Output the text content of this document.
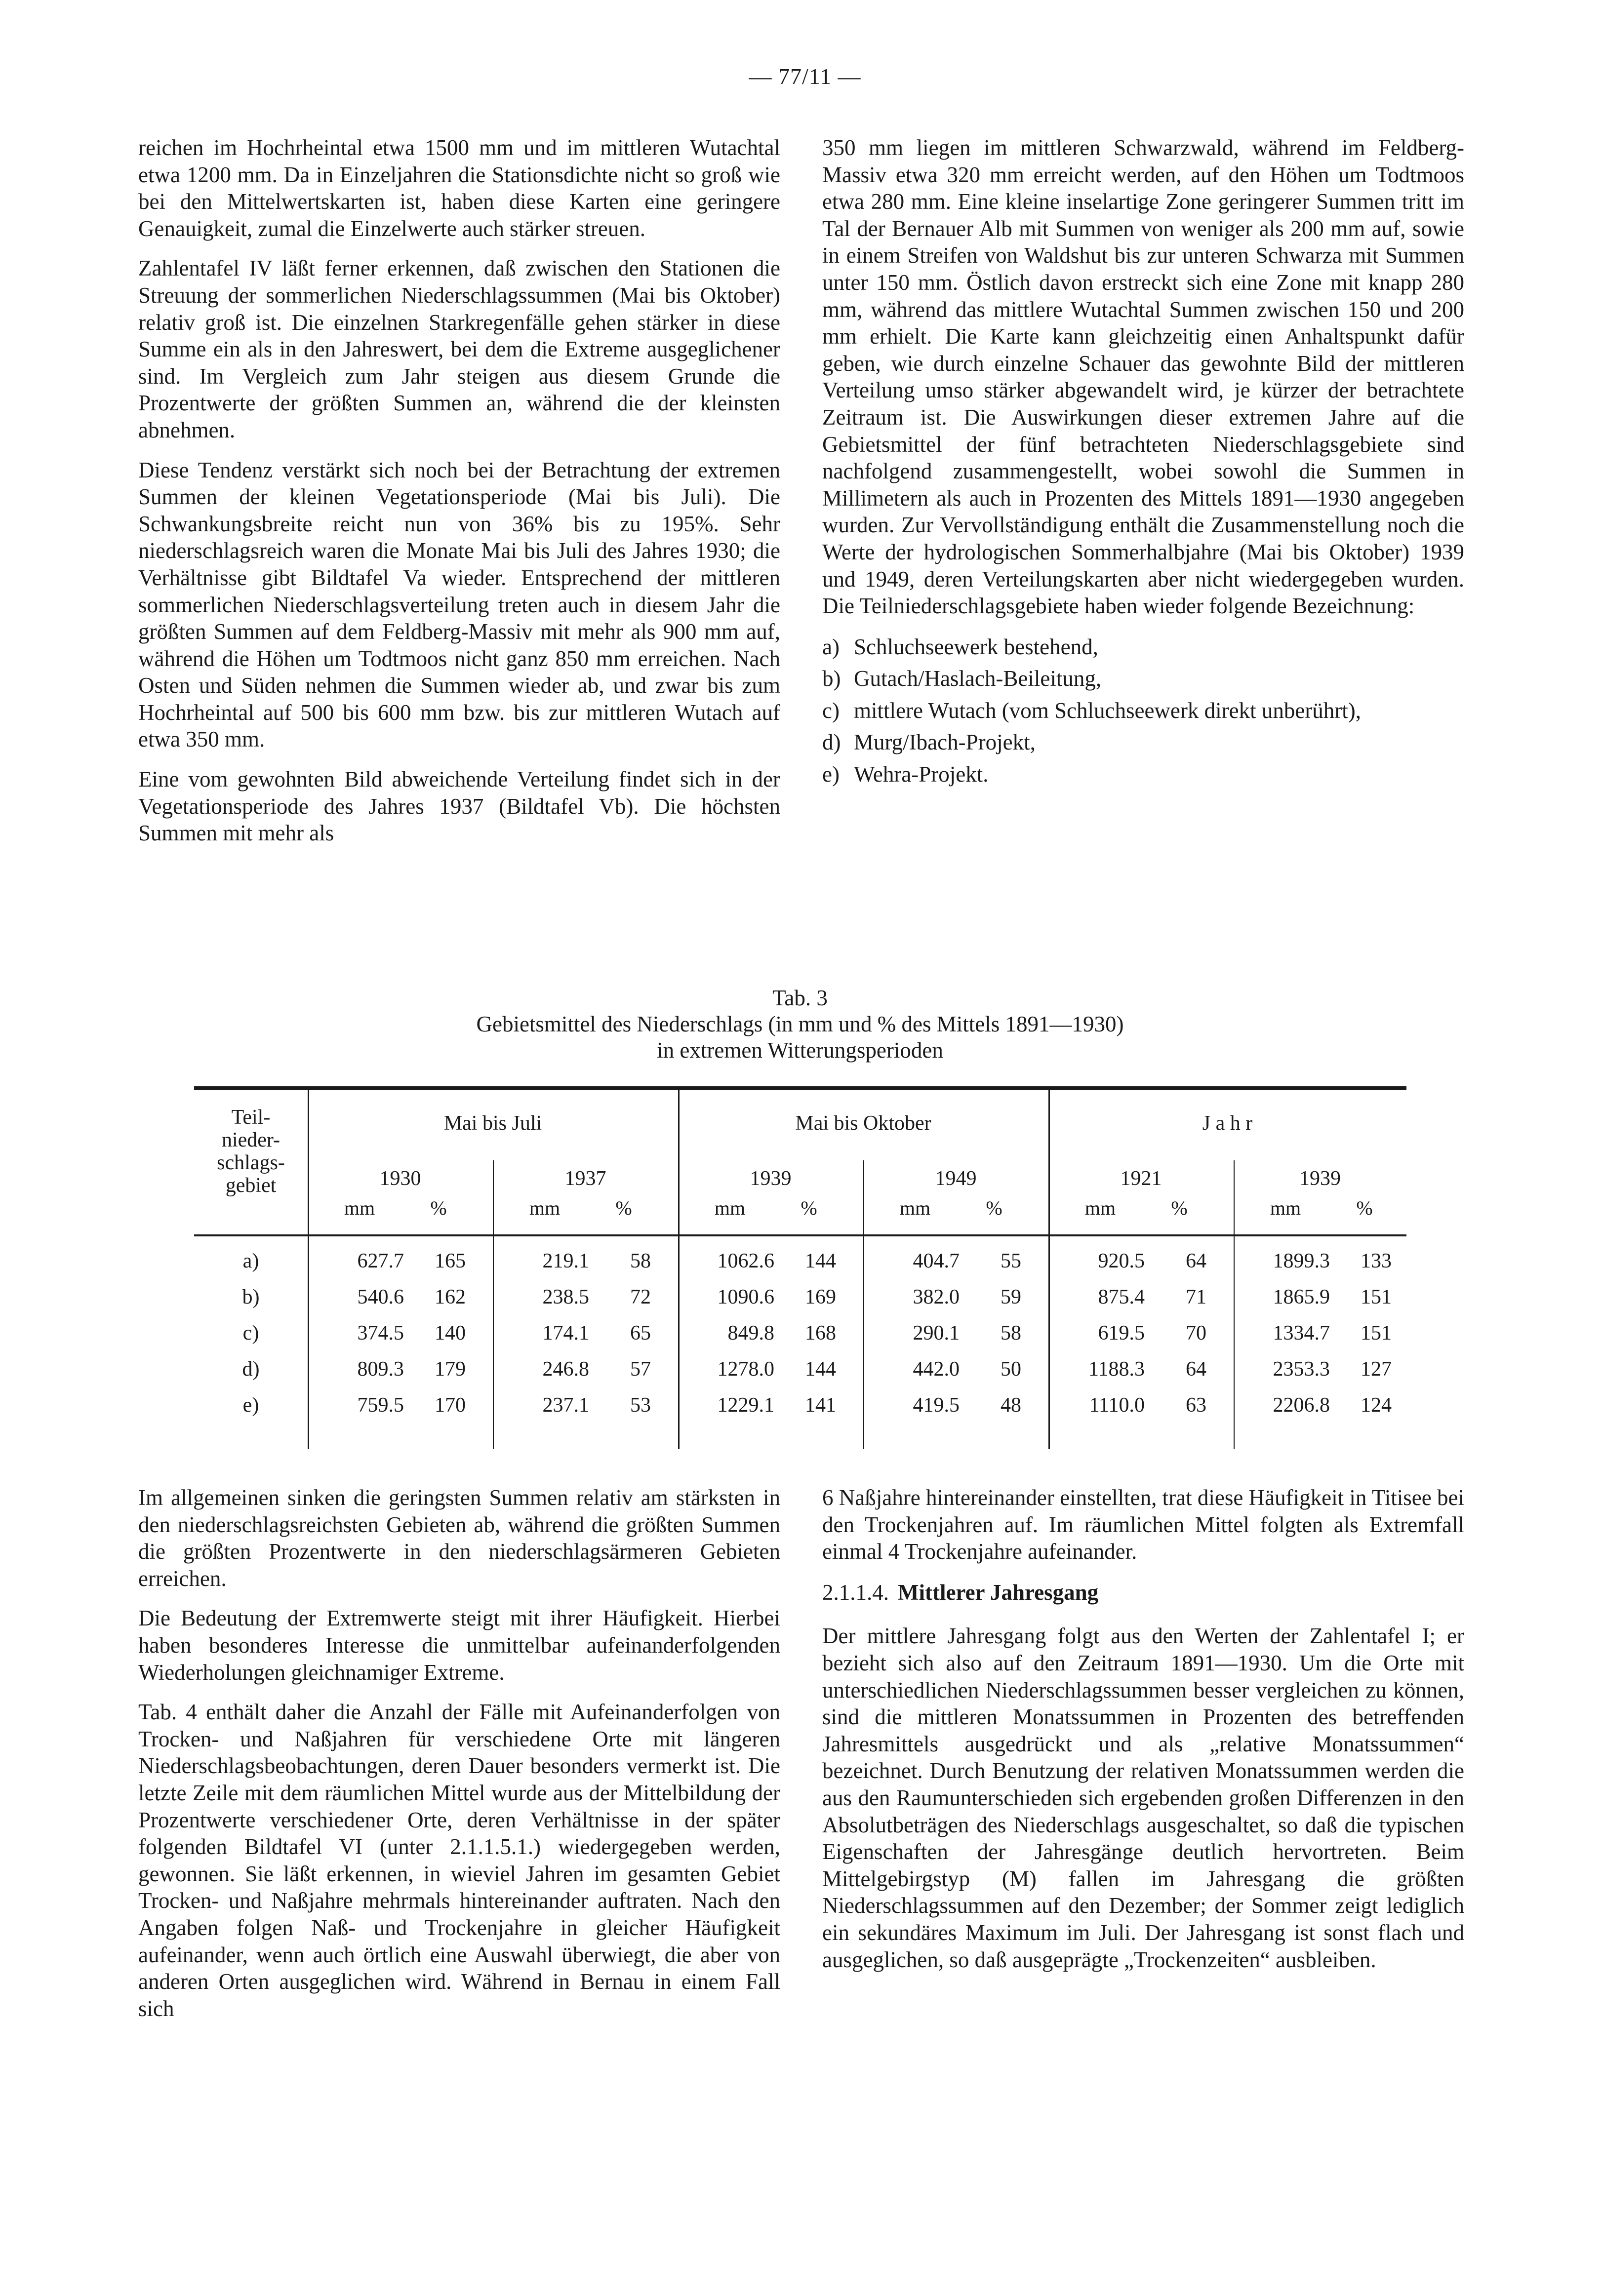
— 77/11 —

reichen im Hochrheintal etwa 1500 mm und im mittleren Wutachtal etwa 1200 mm. Da in Einzeljahren die Stationsdichte nicht so groß wie bei den Mittelwertskarten ist, haben diese Karten eine geringere Genauigkeit, zumal die Einzelwerte auch stärker streuen.

Zahlentafel IV läßt ferner erkennen, daß zwischen den Stationen die Streuung der sommerlichen Niederschlagssummen (Mai bis Oktober) relativ groß ist. Die einzelnen Starkregenfälle gehen stärker in diese Summe ein als in den Jahreswert, bei dem die Extreme ausgeglichener sind. Im Vergleich zum Jahr steigen aus diesem Grunde die Prozentwerte der größten Summen an, während die der kleinsten abnehmen.

Diese Tendenz verstärkt sich noch bei der Betrachtung der extremen Summen der kleinen Vegetationsperiode (Mai bis Juli). Die Schwankungsbreite reicht nun von 36% bis zu 195%. Sehr niederschlagsreich waren die Monate Mai bis Juli des Jahres 1930; die Verhältnisse gibt Bildtafel Va wieder. Entsprechend der mittleren sommerlichen Niederschlagsverteilung treten auch in diesem Jahr die größten Summen auf dem Feldberg-Massiv mit mehr als 900 mm auf, während die Höhen um Todtmoos nicht ganz 850 mm erreichen. Nach Osten und Süden nehmen die Summen wieder ab, und zwar bis zum Hochrheintal auf 500 bis 600 mm bzw. bis zur mittleren Wutach auf etwa 350 mm.

Eine vom gewohnten Bild abweichende Verteilung findet sich in der Vegetationsperiode des Jahres 1937 (Bildtafel Vb). Die höchsten Summen mit mehr als

350 mm liegen im mittleren Schwarzwald, während im Feldberg-Massiv etwa 320 mm erreicht werden, auf den Höhen um Todtmoos etwa 280 mm. Eine kleine inselartige Zone geringerer Summen tritt im Tal der Bernauer Alb mit Summen von weniger als 200 mm auf, sowie in einem Streifen von Waldshut bis zur unteren Schwarza mit Summen unter 150 mm. Östlich davon erstreckt sich eine Zone mit knapp 280 mm, während das mittlere Wutachtal Summen zwischen 150 und 200 mm erhielt. Die Karte kann gleichzeitig einen Anhaltspunkt dafür geben, wie durch einzelne Schauer das gewohnte Bild der mittleren Verteilung umso stärker abgewandelt wird, je kürzer der betrachtete Zeitraum ist. Die Auswirkungen dieser extremen Jahre auf die Gebietsmittel der fünf betrachteten Niederschlagsgebiete sind nachfolgend zusammengestellt, wobei sowohl die Summen in Millimetern als auch in Prozenten des Mittels 1891—1930 angegeben wurden. Zur Vervollständigung enthält die Zusammenstellung noch die Werte der hydrologischen Sommerhalbjahre (Mai bis Oktober) 1939 und 1949, deren Verteilungskarten aber nicht wiedergegeben wurden. Die Teilniederschlagsgebiete haben wieder folgende Bezeichnung:

a) Schluchseewerk bestehend,
b) Gutach/Haslach-Beileitung,
c) mittlere Wutach (vom Schluchseewerk direkt unberührt),
d) Murg/Ibach-Projekt,
e) Wehra-Projekt.
Tab. 3
Gebietsmittel des Niederschlags (in mm und % des Mittels 1891—1930)
in extremen Witterungsperioden
Teil-
nieder-
schlags-
gebiet
Mai bis Juli	Mai bis Oktober	J a h r
1930
mm	%
1937
mm	%
1939
mm	%
1949
mm	%
1921
mm	%
1939
mm	%
a)	627.7	165	219.1	58	1062.6	144	404.7	55	920.5	64	1899.3	133
b)	540.6	162	238.5	72	1090.6	169	382.0	59	875.4	71	1865.9	151
c)	374.5	140	174.1	65	849.8	168	290.1	58	619.5	70	1334.7	151
d)	809.3	179	246.8	57	1278.0	144	442.0	50	1188.3	64	2353.3	127
e)	759.5	170	237.1	53	1229.1	141	419.5	48	1110.0	63	2206.8	124

Im allgemeinen sinken die geringsten Summen relativ am stärksten in den niederschlagsreichsten Gebieten ab, während die größten Summen die größten Prozentwerte in den niederschlagsärmeren Gebieten erreichen.

Die Bedeutung der Extremwerte steigt mit ihrer Häufigkeit. Hierbei haben besonderes Interesse die unmittelbar aufeinanderfolgenden Wiederholungen gleichnamiger Extreme.

Tab. 4 enthält daher die Anzahl der Fälle mit Aufeinanderfolgen von Trocken- und Naßjahren für verschiedene Orte mit längeren Niederschlagsbeobachtungen, deren Dauer besonders vermerkt ist. Die letzte Zeile mit dem räumlichen Mittel wurde aus der Mittelbildung der Prozentwerte verschiedener Orte, deren Verhältnisse in der später folgenden Bildtafel VI (unter 2.1.1.5.1.) wiedergegeben werden, gewonnen. Sie läßt erkennen, in wieviel Jahren im gesamten Gebiet Trocken- und Naßjahre mehrmals hintereinander auftraten. Nach den Angaben folgen Naß- und Trockenjahre in gleicher Häufigkeit aufeinander, wenn auch örtlich eine Auswahl überwiegt, die aber von anderen Orten ausgeglichen wird. Während in Bernau in einem Fall sich

6 Naßjahre hintereinander einstellten, trat diese Häufigkeit in Titisee bei den Trockenjahren auf. Im räumlichen Mittel folgten als Extremfall einmal 4 Trockenjahre aufeinander.

2.1.1.4. Mittlerer Jahresgang

Der mittlere Jahresgang folgt aus den Werten der Zahlentafel I; er bezieht sich also auf den Zeitraum 1891—1930. Um die Orte mit unterschiedlichen Niederschlagssummen besser vergleichen zu können, sind die mittleren Monatssummen in Prozenten des betreffenden Jahresmittels ausgedrückt und als „relative Monatssummen“ bezeichnet. Durch Benutzung der relativen Monatssummen werden die aus den Raumunterschieden sich ergebenden großen Differenzen in den Absolutbeträgen des Niederschlags ausgeschaltet, so daß die typischen Eigenschaften der Jahresgänge deutlich hervortreten. Beim Mittelgebirgstyp (M) fallen im Jahresgang die größten Niederschlagssummen auf den Dezember; der Sommer zeigt lediglich ein sekundäres Maximum im Juli. Der Jahresgang ist sonst flach und ausgeglichen, so daß ausgeprägte „Trockenzeiten“ ausbleiben.
